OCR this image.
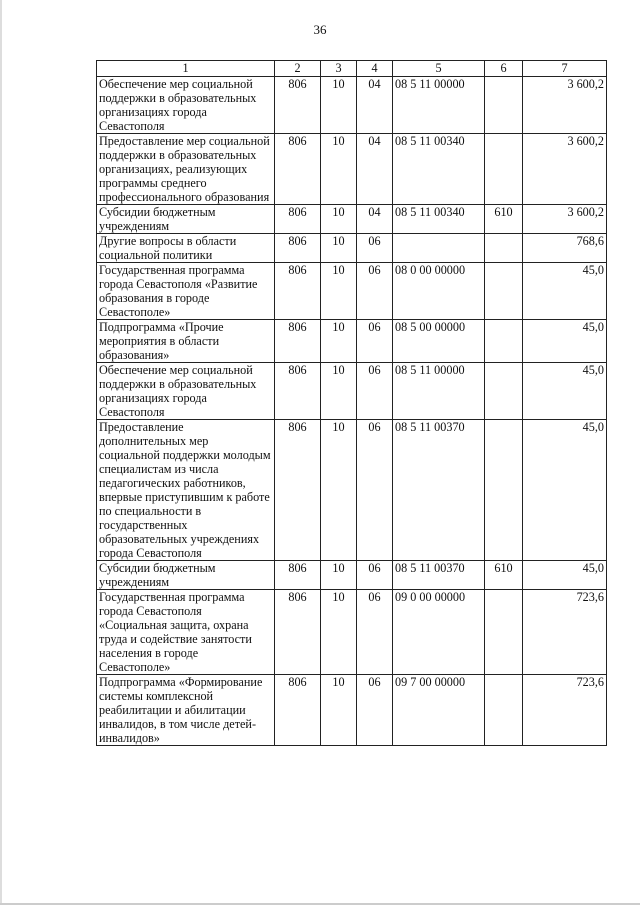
36
1	2	3	4	5	6	7
Обеспечение мер социальной поддержки в образовательных организациях города Севастополя	806	10	04	08 5 11 00000		3 600,2
Предоставление мер социальной поддержки в образовательных организациях, реализующих программы среднего профессионального образования	806	10	04	08 5 11 00340		3 600,2
Субсидии бюджетным учреждениям	806	10	04	08 5 11 00340	610	3 600,2
Другие вопросы в области социальной политики	806	10	06			768,6
Государственная программа города Севастополя «Развитие образования в городе Севастополе»	806	10	06	08 0 00 00000		45,0
Подпрограмма «Прочие мероприятия в области образования»	806	10	06	08 5 00 00000		45,0
Обеспечение мер социальной поддержки в образовательных организациях города Севастополя	806	10	06	08 5 11 00000		45,0
Предоставление дополнительных мер социальной поддержки молодым специалистам из числа педагогических работников, впервые приступившим к работе по специальности в государственных образовательных учреждениях города Севастополя	806	10	06	08 5 11 00370		45,0
Субсидии бюджетным учреждениям	806	10	06	08 5 11 00370	610	45,0
Государственная программа города Севастополя «Социальная защита, охрана труда и содействие занятости населения в городе Севастополе»	806	10	06	09 0 00 00000		723,6
Подпрограмма «Формирование системы комплексной реабилитации и абилитации инвалидов, в том числе детей-инвалидов»	806	10	06	09 7 00 00000		723,6
